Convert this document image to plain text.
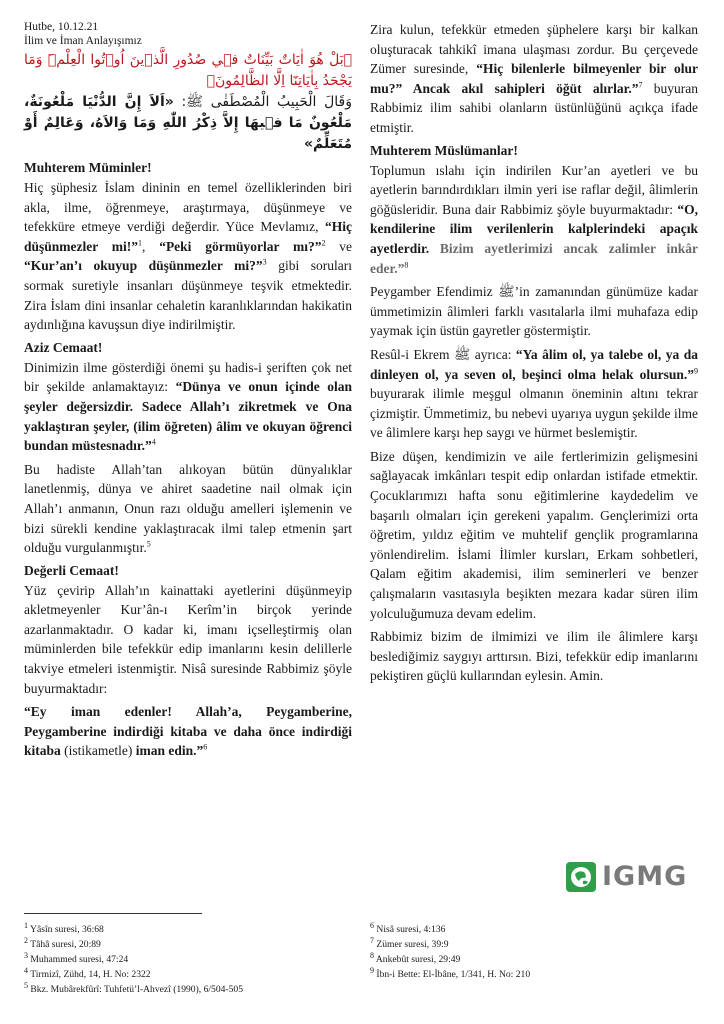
Hutbe, 10.12.21

İlim ve İman Anlayışımız

﴿بَلْ هُوَ اٰيَاتٌ بَيِّنَاتٌ ف۪ي صُدُورِ الَّذ۪ينَ اُو۫تُوا الْعِلْمَۜ وَمَا يَجْحَدُ بِاٰيَاتِنَٓا اِلَّا الظَّالِمُونَ﴾
وَقَالَ الْحَبِيبُ الْمُصْطَفٰى ﷺ: «اَلاَ إِنَّ الدُّنْيَا مَلْعُونَةٌ، مَلْعُونٌ مَا ف۪يهَا إِلاَّ ذِكْرُ اللّٰهِ وَمَا وَالاَهُ، وَعَالِمٌ أَوْ مُتَعَلِّمٌ»
Muhterem Müminler!

Hiç şüphesiz İslam dininin en temel özelliklerinden biri akla, ilme, öğrenmeye, araştırmaya, düşünmeye ve tefekküre etmeye verdiği değerdir. Yüce Mevlamız, “Hiç düşünmezler mi!”$^1$, “Peki görmüyorlar mı?”$^2$ ve “Kur’an’ı okuyup düşünmezler mi?”$^3$ gibi soruları sormak suretiyle insanları düşünmeye teşvik etmektedir. Zira İslam dini insanlar cehaletin karanlıklarından hakikatin aydınlığına kavuşsun diye indirilmiştir.

Aziz Cemaat!

Dinimizin ilme gösterdiği önemi şu hadis-i şeriften çok net bir şekilde anlamaktayız: “Dünya ve onun içinde olan şeyler değersizdir. Sadece Allah’ı zikretmek ve Ona yaklaştıran şeyler, (ilim öğreten) âlim ve okuyan öğrenci bundan müstesnadır.”$^4$

Bu hadiste Allah’tan alıkoyan bütün dünyalıklar lanetlenmiş, dünya ve ahiret saadetine nail olmak için Allah’ı anmanın, Onun razı olduğu amelleri işlemenin ve bizi sürekli kendine yaklaştıracak ilmi talep etmenin şart olduğu vurgulanmıştır.$^5$

Değerli Cemaat!

Yüz çevirip Allah’ın kainattaki ayetlerini düşünmeyip akletmeyenler Kur’ân-ı Kerîm’in birçok yerinde azarlanmaktadır. O kadar ki, imanı içselleştirmiş olan müminlerden bile tefekkür edip imanlarını kesin delillerle takviye etmeleri istenmiştir. Nisâ suresinde Rabbimiz şöyle buyurmaktadır:

“Ey iman edenler! Allah’a, Peygamberine, Peygamberine indirdiği kitaba ve daha önce indirdiği kitaba (istikametle) iman edin.”$^6$

Zira kulun, tefekkür etmeden şüphelere karşı bir kalkan oluşturacak tahkikî imana ulaşması zordur. Bu çerçevede Zümer suresinde, “Hiç bilenlerle bilmeyenler bir olur mu?” Ancak akıl sahipleri öğüt alırlar.”$^7$ buyuran Rabbimiz ilim sahibi olanların üstünlüğünü açıkça ifade etmiştir.

Muhterem Müslümanlar!

Toplumun ıslahı için indirilen Kur’an ayetleri ve bu ayetlerin barındırdıkları ilmin yeri ise raflar değil, âlimlerin göğüsleridir. Buna dair Rabbimiz şöyle buyurmaktadır: “O, kendilerine ilim verilenlerin kalplerindeki apaçık ayetlerdir. Bizim ayetlerimizi ancak zalimler inkâr eder.”$^8$

Peygamber Efendimiz ﷺ’in zamanından günümüze kadar ümmetimizin âlimleri farklı vasıtalarla ilmi muhafaza edip yaymak için üstün gayretler göstermiştir.

Resûl-i Ekrem ﷺ ayrıca: “Ya âlim ol, ya talebe ol, ya da dinleyen ol, ya seven ol, beşinci olma helak olursun.”$^9$ buyurarak ilimle meşgul olmanın öneminin altını tekrar çizmiştir. Ümmetimiz, bu nebevi uyarıya uygun şekilde ilme ve âlimlere karşı hep saygı ve hürmet beslemiştir.

Bize düşen, kendimizin ve aile fertlerimizin gelişmesini sağlayacak imkânları tespit edip onlardan istifade etmektir. Çocuklarımızı hafta sonu eğitimlerine kaydedelim ve başarılı olmaları için gerekeni yapalım. Gençlerimizi orta öğretim, yıldız eğitim ve muhtelif gençlik programlarına yönlendirelim. İslami İlimler kursları, Erkam sohbetleri, Qalam eğitim akademisi, ilim seminerleri ve benzer çalışmaların vasıtasıyla beşikten mezara kadar süren ilim yolculuğumuza devam edelim.

Rabbimiz bizim de ilmimizi ve ilim ile âlimlere karşı beslediğimiz saygıyı arttırsın. Bizi, tefekkür edip imanlarını pekiştiren güçlü kullarından eylesin. Amin.

IGMG
$^1$ Yâsîn suresi, 36:68
$^2$ Tâhâ suresi, 20:89
$^3$ Muhammed suresi, 47:24
$^4$ Tirmizî, Zühd, 14, H. No: 2322
$^5$ Bkz. Mubârekfûrî: Tuhfetü’l-Ahvezî (1990), 6/504-505
$^6$ Nisâ suresi, 4:136
$^7$ Zümer suresi, 39:9
$^8$ Ankebût suresi, 29:49
$^9$ İbn-i Bette: El-İbâne, 1/341, H. No: 210
